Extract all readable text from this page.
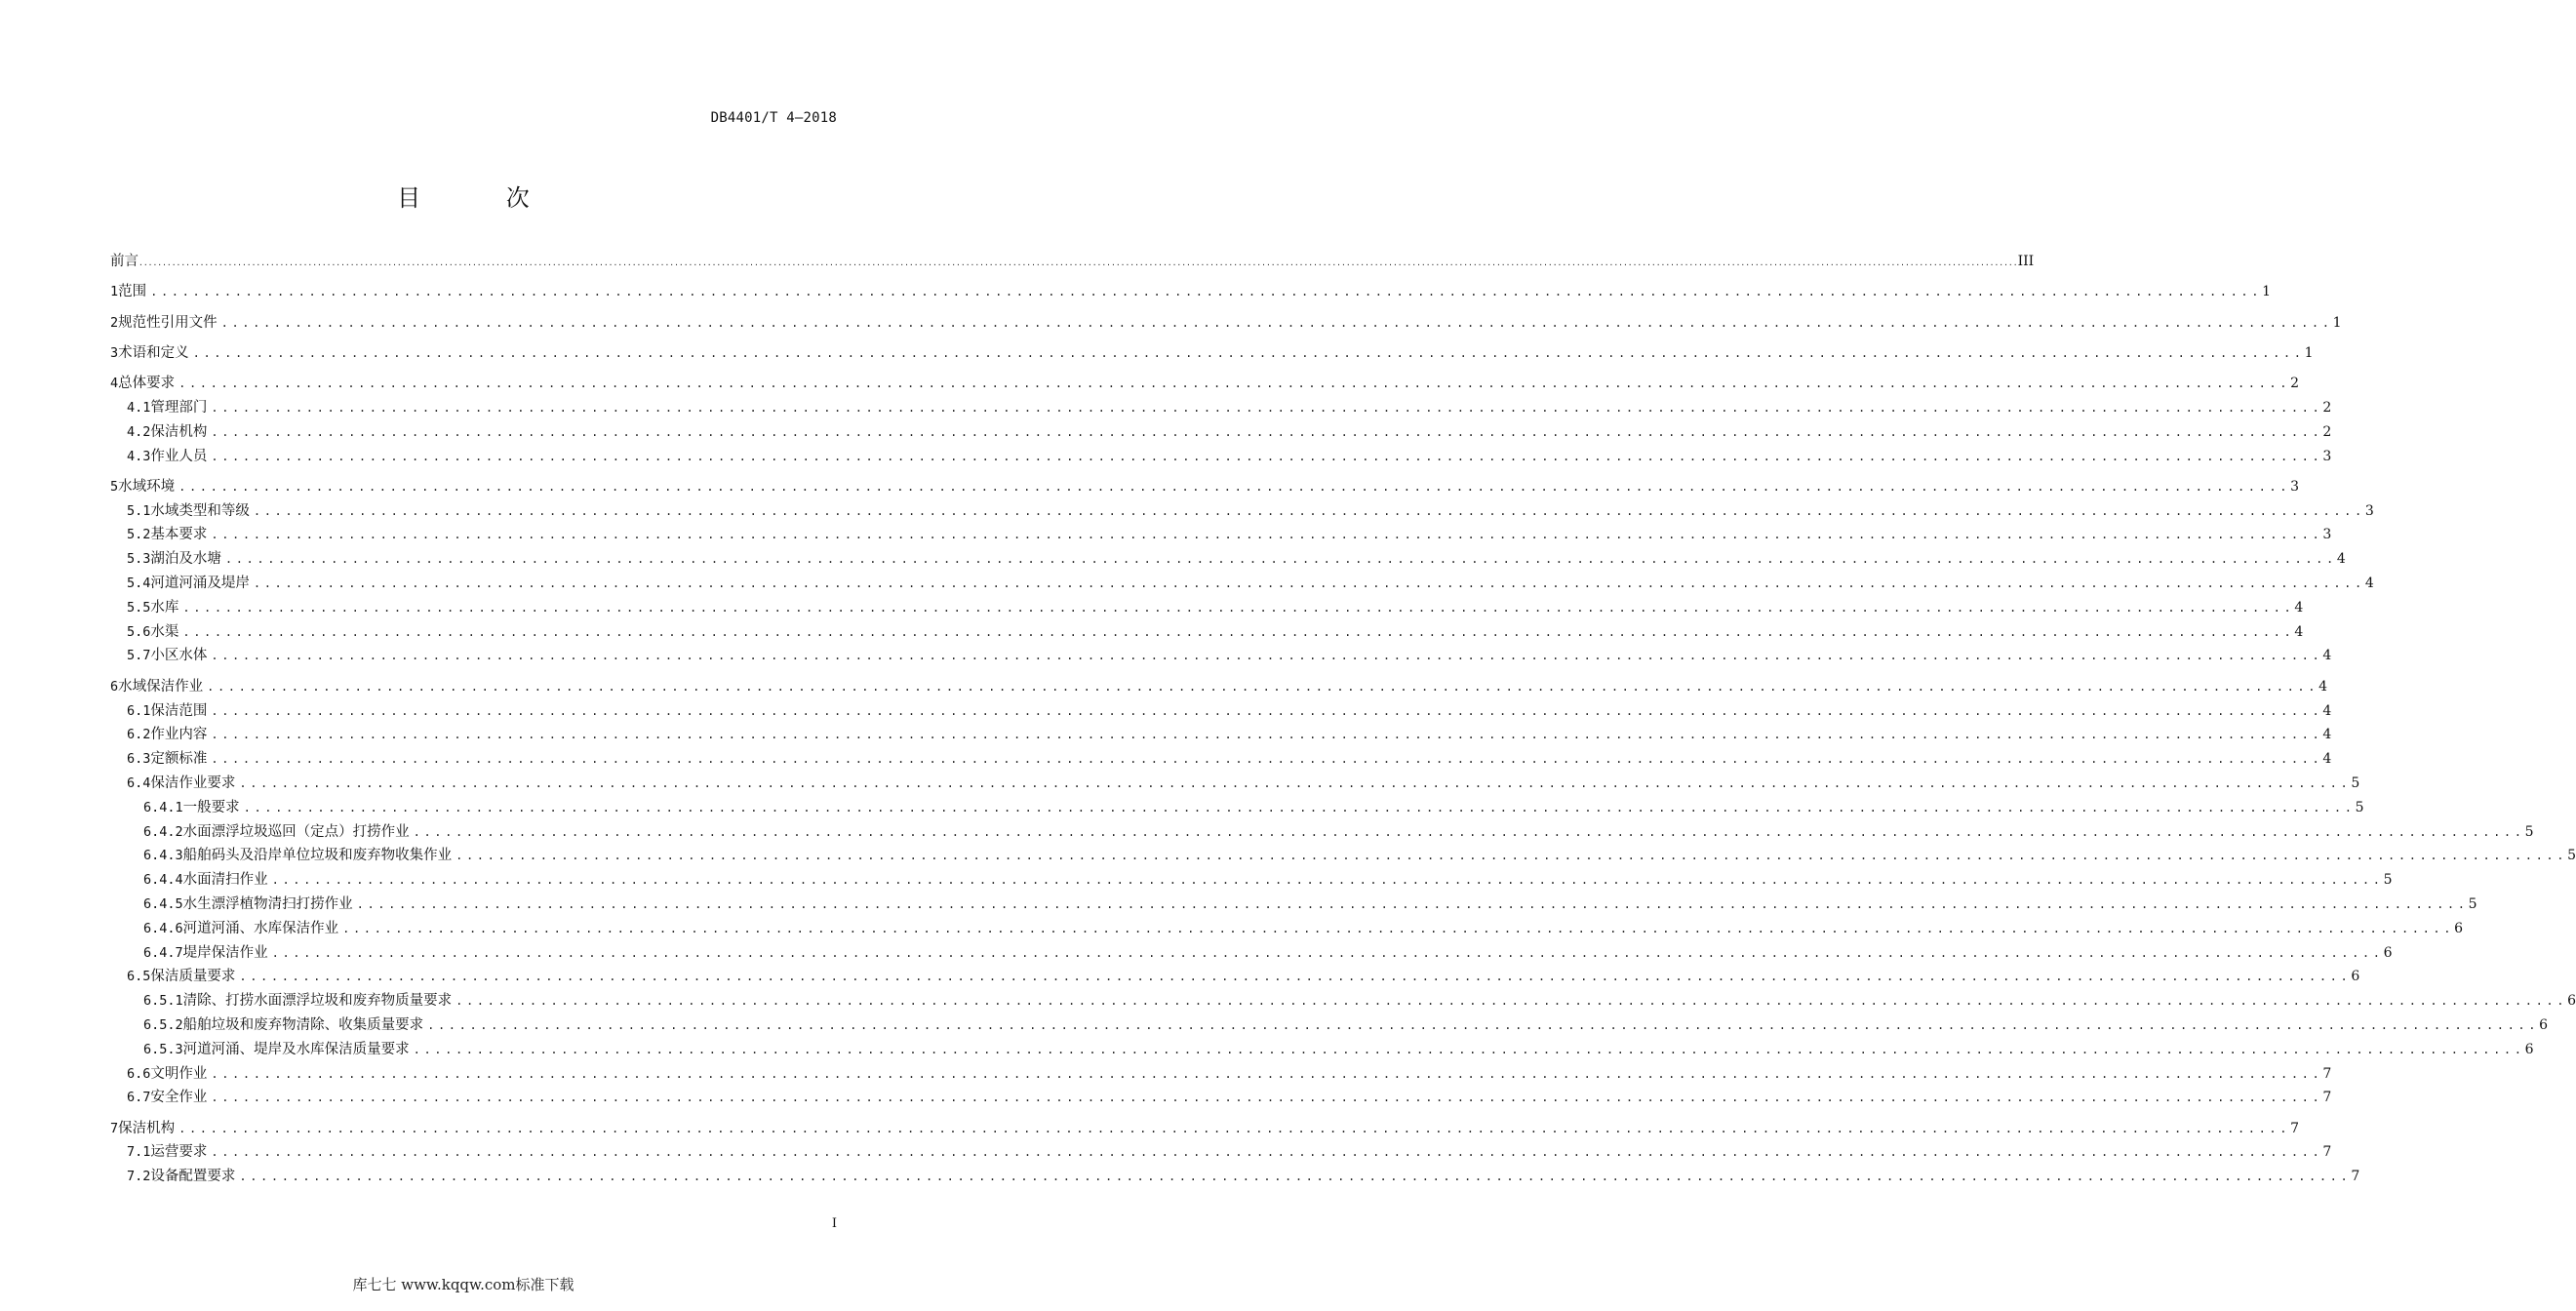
DB4401/T 4—2018
目 次
前言 ................................................................................................................................................................................................................................................................................................................................................................................................................ III
1 范围 ........................................................................................................................................................................................................ 1
2 规范性引用文件 ........................................................................................................................................................................................................ 1
3 术语和定义 ........................................................................................................................................................................................................ 1
4 总体要求 ........................................................................................................................................................................................................ 2
4.1 管理部门 ........................................................................................................................................................................................................ 2
4.2 保洁机构 ........................................................................................................................................................................................................ 2
4.3 作业人员 ........................................................................................................................................................................................................ 3
5 水域环境 ........................................................................................................................................................................................................ 3
5.1 水域类型和等级 ........................................................................................................................................................................................................ 3
5.2 基本要求 ........................................................................................................................................................................................................ 3
5.3 湖泊及水塘 ........................................................................................................................................................................................................ 4
5.4 河道河涌及堤岸 ........................................................................................................................................................................................................ 4
5.5 水库 ........................................................................................................................................................................................................ 4
5.6 水渠 ........................................................................................................................................................................................................ 4
5.7 小区水体 ........................................................................................................................................................................................................ 4
6 水域保洁作业 ........................................................................................................................................................................................................ 4
6.1 保洁范围 ........................................................................................................................................................................................................ 4
6.2 作业内容 ........................................................................................................................................................................................................ 4
6.3 定额标准 ........................................................................................................................................................................................................ 4
6.4 保洁作业要求 ........................................................................................................................................................................................................ 5
6.4.1 一般要求 ........................................................................................................................................................................................................ 5
6.4.2 水面漂浮垃圾巡回（定点）打捞作业 ........................................................................................................................................................................................................ 5
6.4.3 船舶码头及沿岸单位垃圾和废弃物收集作业 ........................................................................................................................................................................................................ 5
6.4.4 水面清扫作业 ........................................................................................................................................................................................................ 5
6.4.5 水生漂浮植物清扫打捞作业 ........................................................................................................................................................................................................ 5
6.4.6 河道河涌、水库保洁作业 ........................................................................................................................................................................................................ 6
6.4.7 堤岸保洁作业 ........................................................................................................................................................................................................ 6
6.5 保洁质量要求 ........................................................................................................................................................................................................ 6
6.5.1 清除、打捞水面漂浮垃圾和废弃物质量要求 ........................................................................................................................................................................................................ 6
6.5.2 船舶垃圾和废弃物清除、收集质量要求 ........................................................................................................................................................................................................ 6
6.5.3 河道河涌、堤岸及水库保洁质量要求 ........................................................................................................................................................................................................ 6
6.6 文明作业 ........................................................................................................................................................................................................ 7
6.7 安全作业 ........................................................................................................................................................................................................ 7
7 保洁机构 ........................................................................................................................................................................................................ 7
7.1 运营要求 ........................................................................................................................................................................................................ 7
7.2 设备配置要求 ........................................................................................................................................................................................................ 7
I
库七七 www.kqqw.com标准下载
